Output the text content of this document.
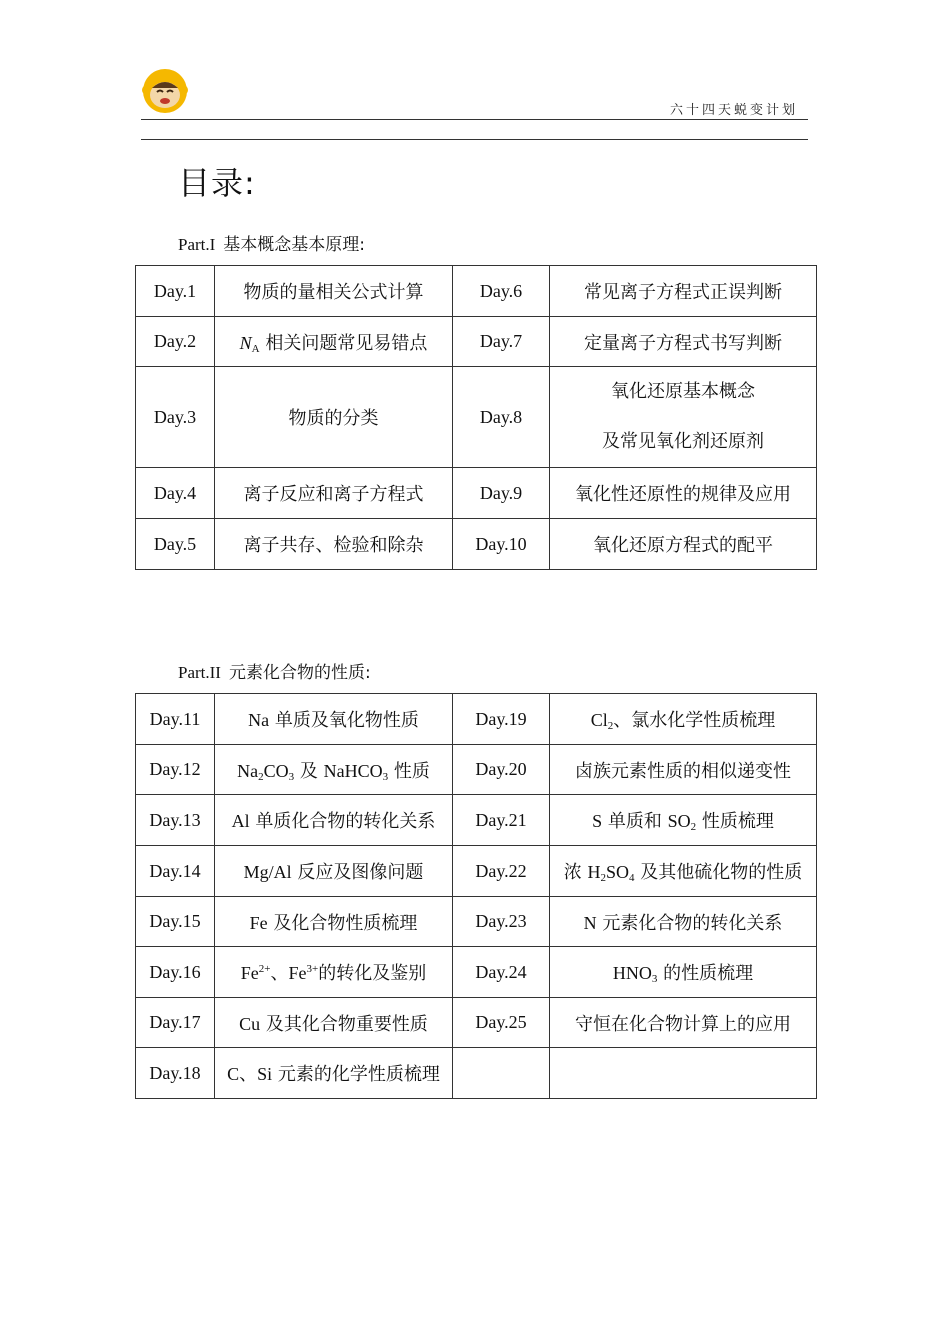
六十四天蜕变计划
目录:
Part.I 基本概念基本原理:
Day.1	物质的量相关公式计算	Day.6	常见离子方程式正误判断
Day.2	$N_A$ 相关问题常见易错点	Day.7	定量离子方程式书写判断
Day.3	物质的分类	Day.8	氧化还原基本概念
及常见氧化剂还原剂

Day.4	离子反应和离子方程式	Day.9	氧化性还原性的规律及应用
Day.5	离子共存、检验和除杂	Day.10	氧化还原方程式的配平
Part.II 元素化合物的性质:
Day.11	Na 单质及氧化物性质	Day.19	$Cl_2$、氯水化学性质梳理
Day.12	$Na_2CO_3$ 及 NaHCO$_3$ 性质	Day.20	卤族元素性质的相似递变性
Day.13	Al 单质化合物的转化关系	Day.21	S 单质和 $SO_2$ 性质梳理
Day.14	Mg/Al 反应及图像问题	Day.22	浓 $H_2SO_4$ 及其他硫化物的性质
Day.15	Fe 及化合物性质梳理	Day.23	N 元素化合物的转化关系
Day.16	$Fe^{2+}$、$Fe^{3+}$的转化及鉴别	Day.24	$HNO_3$ 的性质梳理
Day.17	Cu 及其化合物重要性质	Day.25	守恒在化合物计算上的应用
Day.18	C、Si 元素的化学性质梳理		
